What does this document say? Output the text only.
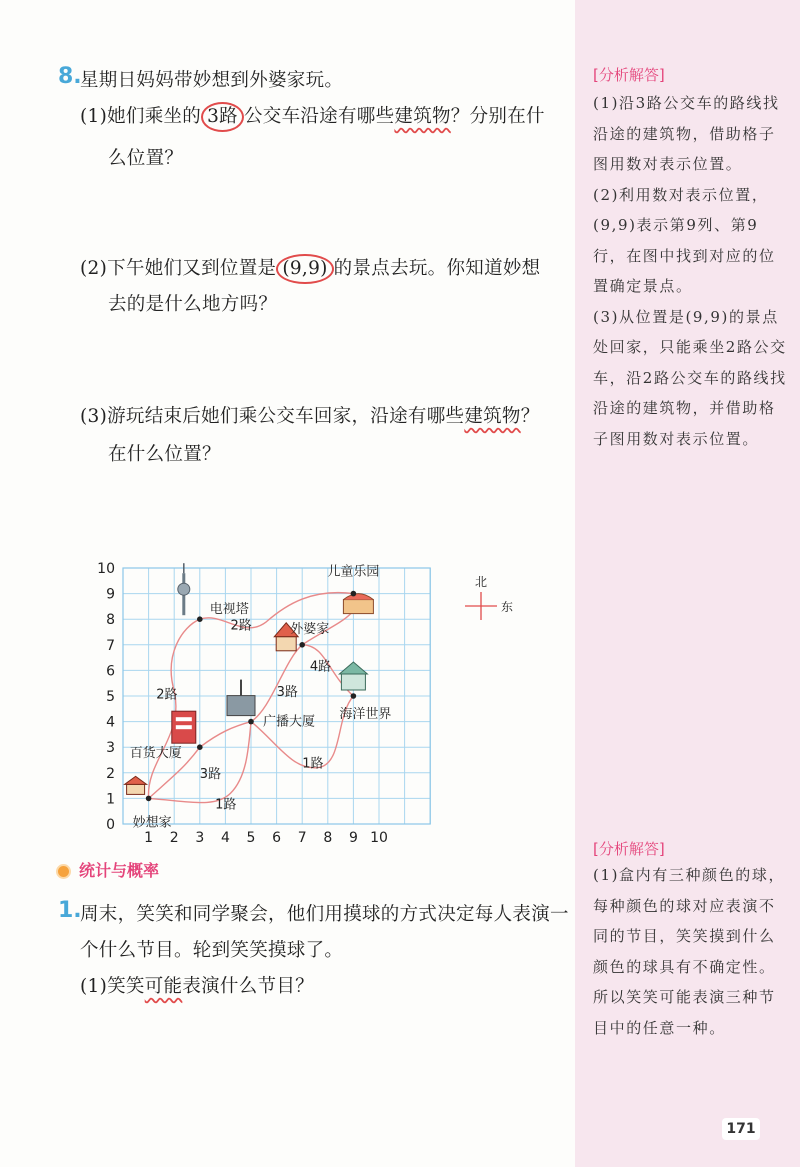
8.
星期日妈妈带妙想到外婆家玩。
(1)她们乘坐的 3路 公交车沿途有哪些建筑物？分别在什
么位置？
(2)下午她们又到位置是 (9,9) 的景点去玩。你知道妙想
去的是什么地方吗？
(3)游玩结束后她们乘公交车回家，沿途有哪些建筑物？
在什么位置？
0
1
2
3
4
5
6
7
8
9
10
1 2 3 4 5 6 7 8 9 10
妙想家
百货大厦
电视塔
广播大厦
外婆家
儿童乐园
海洋世界
1路
2路
2路
3路
3路
4路
1路
北
东
统计与概率
1.
周末，笑笑和同学聚会，他们用摸球的方式决定每人表演一
个什么节目。轮到笑笑摸球了。
(1)笑笑可能表演什么节目？
[分析解答]

(1)沿3路公交车的路线找沿途的建筑物，借助格子图用数对表示位置。

(2)利用数对表示位置，(9,9)表示第9列、第9行，在图中找到对应的位置确定景点。

(3)从位置是(9,9)的景点处回家，只能乘坐2路公交车，沿2路公交车的路线找沿途的建筑物，并借助格子图用数对表示位置。

[分析解答]

(1)盒内有三种颜色的球，每种颜色的球对应表演不同的节目，笑笑摸到什么颜色的球具有不确定性。所以笑笑可能表演三种节目中的任意一种。

171
